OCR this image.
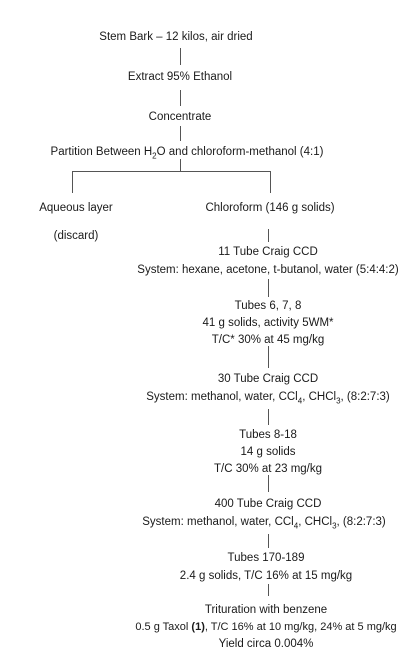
Stem Bark – 12 kilos, air dried
Extract 95% Ethanol
Concentrate
Partition Between $H_2O$ and chloroform-methanol (4:1)
Aqueous layer
(discard)
Chloroform (146 g solids)
11 Tube Craig CCD
System: hexane, acetone, t-butanol, water (5:4:4:2)
Tubes 6, 7, 8
41 g solids, activity 5WM*
T/C* 30% at 45 mg/kg
30 Tube Craig CCD
System: methanol, water, CCl$_4$, CHCl$_3$, (8:2:7:3)
Tubes 8-18
14 g solids
T/C 30% at 23 mg/kg
400 Tube Craig CCD
System: methanol, water, CCl$_4$, CHCl$_3$, (8:2:7:3)
Tubes 170-189
2.4 g solids, T/C 16% at 15 mg/kg
Trituration with benzene
0.5 g Taxol (1), T/C 16% at 10 mg/kg, 24% at 5 mg/kg
Yield circa 0.004%
